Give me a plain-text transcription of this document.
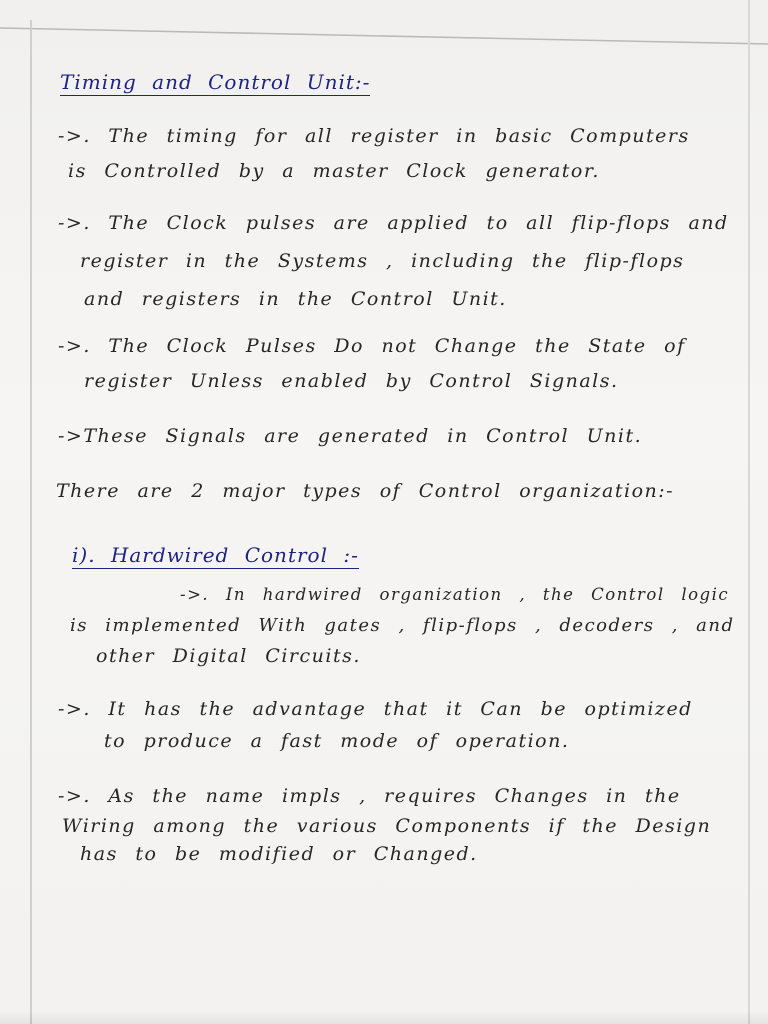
Timing and Control Unit:-
->. The timing for all register in basic Computers
is Controlled by a master Clock generator.
->. The Clock pulses are applied to all flip-flops and
register in the Systems , including the flip-flops
and registers in the Control Unit.
->. The Clock Pulses Do not Change the State of
register Unless enabled by Control Signals.
->These Signals are generated in Control Unit.
There are 2 major types of Control organization:-
i). Hardwired Control :-
->. In hardwired organization , the Control logic
is implemented With gates , flip-flops , decoders , and
other Digital Circuits.
->. It has the advantage that it Can be optimized
to produce a fast mode of operation.
->. As the name impls , requires Changes in the
Wiring among the various Components if the Design
has to be modified or Changed.
